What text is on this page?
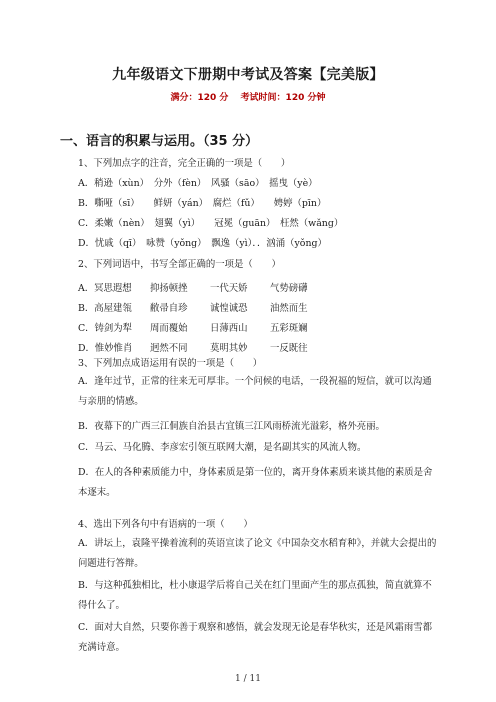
九年级语文下册期中考试及答案【完美版】
满分：120 分　 考试时间：120 分钟
一、语言的积累与运用。（35 分）
1、下列加点字的注音，完全正确的一项是（　　）
A．稍逊（xùn）　分外（fèn）　风骚（sāo）　摇曳（yè）
B．嘶哑（sī）　　鲜妍（yán）　腐烂（fǔ）　　娉婷（pīn）
C．柔嫩（nèn）　翅翼（yì）　　冠冕（guān）　枉然（wǎng）
D．忧戚（qī）　咏赞（yǒng）　飘逸（yì）．．汹涌（yǒng）
2、下列词语中，书写全部正确的一项是（　　）
A．冥思遐想 抑扬顿挫 一代天娇 气势磅礴
B．高屋建瓴 敝帚自珍 诚惶诚恐 油然而生
C．铸剑为犁 周而覆始 日薄西山 五彩斑斓
D．惟妙惟肖 迥然不同 莫明其妙 一反既往
3、下列加点成语运用有误的一项是（　　）
A．逢年过节，正常的往来无可厚非。一个问候的电话，一段祝福的短信，就可以沟通与亲朋的情感。
B．夜幕下的广西三江侗族自治县古宜镇三江风雨桥流光溢彩，格外亮丽。
C．马云、马化腾、李彦宏引领互联网大潮，是名副其实的风流人物。
D．在人的各种素质能力中，身体素质是第一位的，离开身体素质来谈其他的素质是舍本逐末。
4、选出下列各句中有语病的一项（　　）
A．讲坛上，袁隆平操着流利的英语宣读了论文《中国杂交水稻育种》，并就大会提出的问题进行答辩。
B．与这种孤独相比，杜小康退学后将自己关在红门里面产生的那点孤独，简直就算不得什么了。
C．面对大自然，只要你善于观察和感悟，就会发现无论是春华秋实，还是风霜雨雪都充满诗意。
1 / 11
